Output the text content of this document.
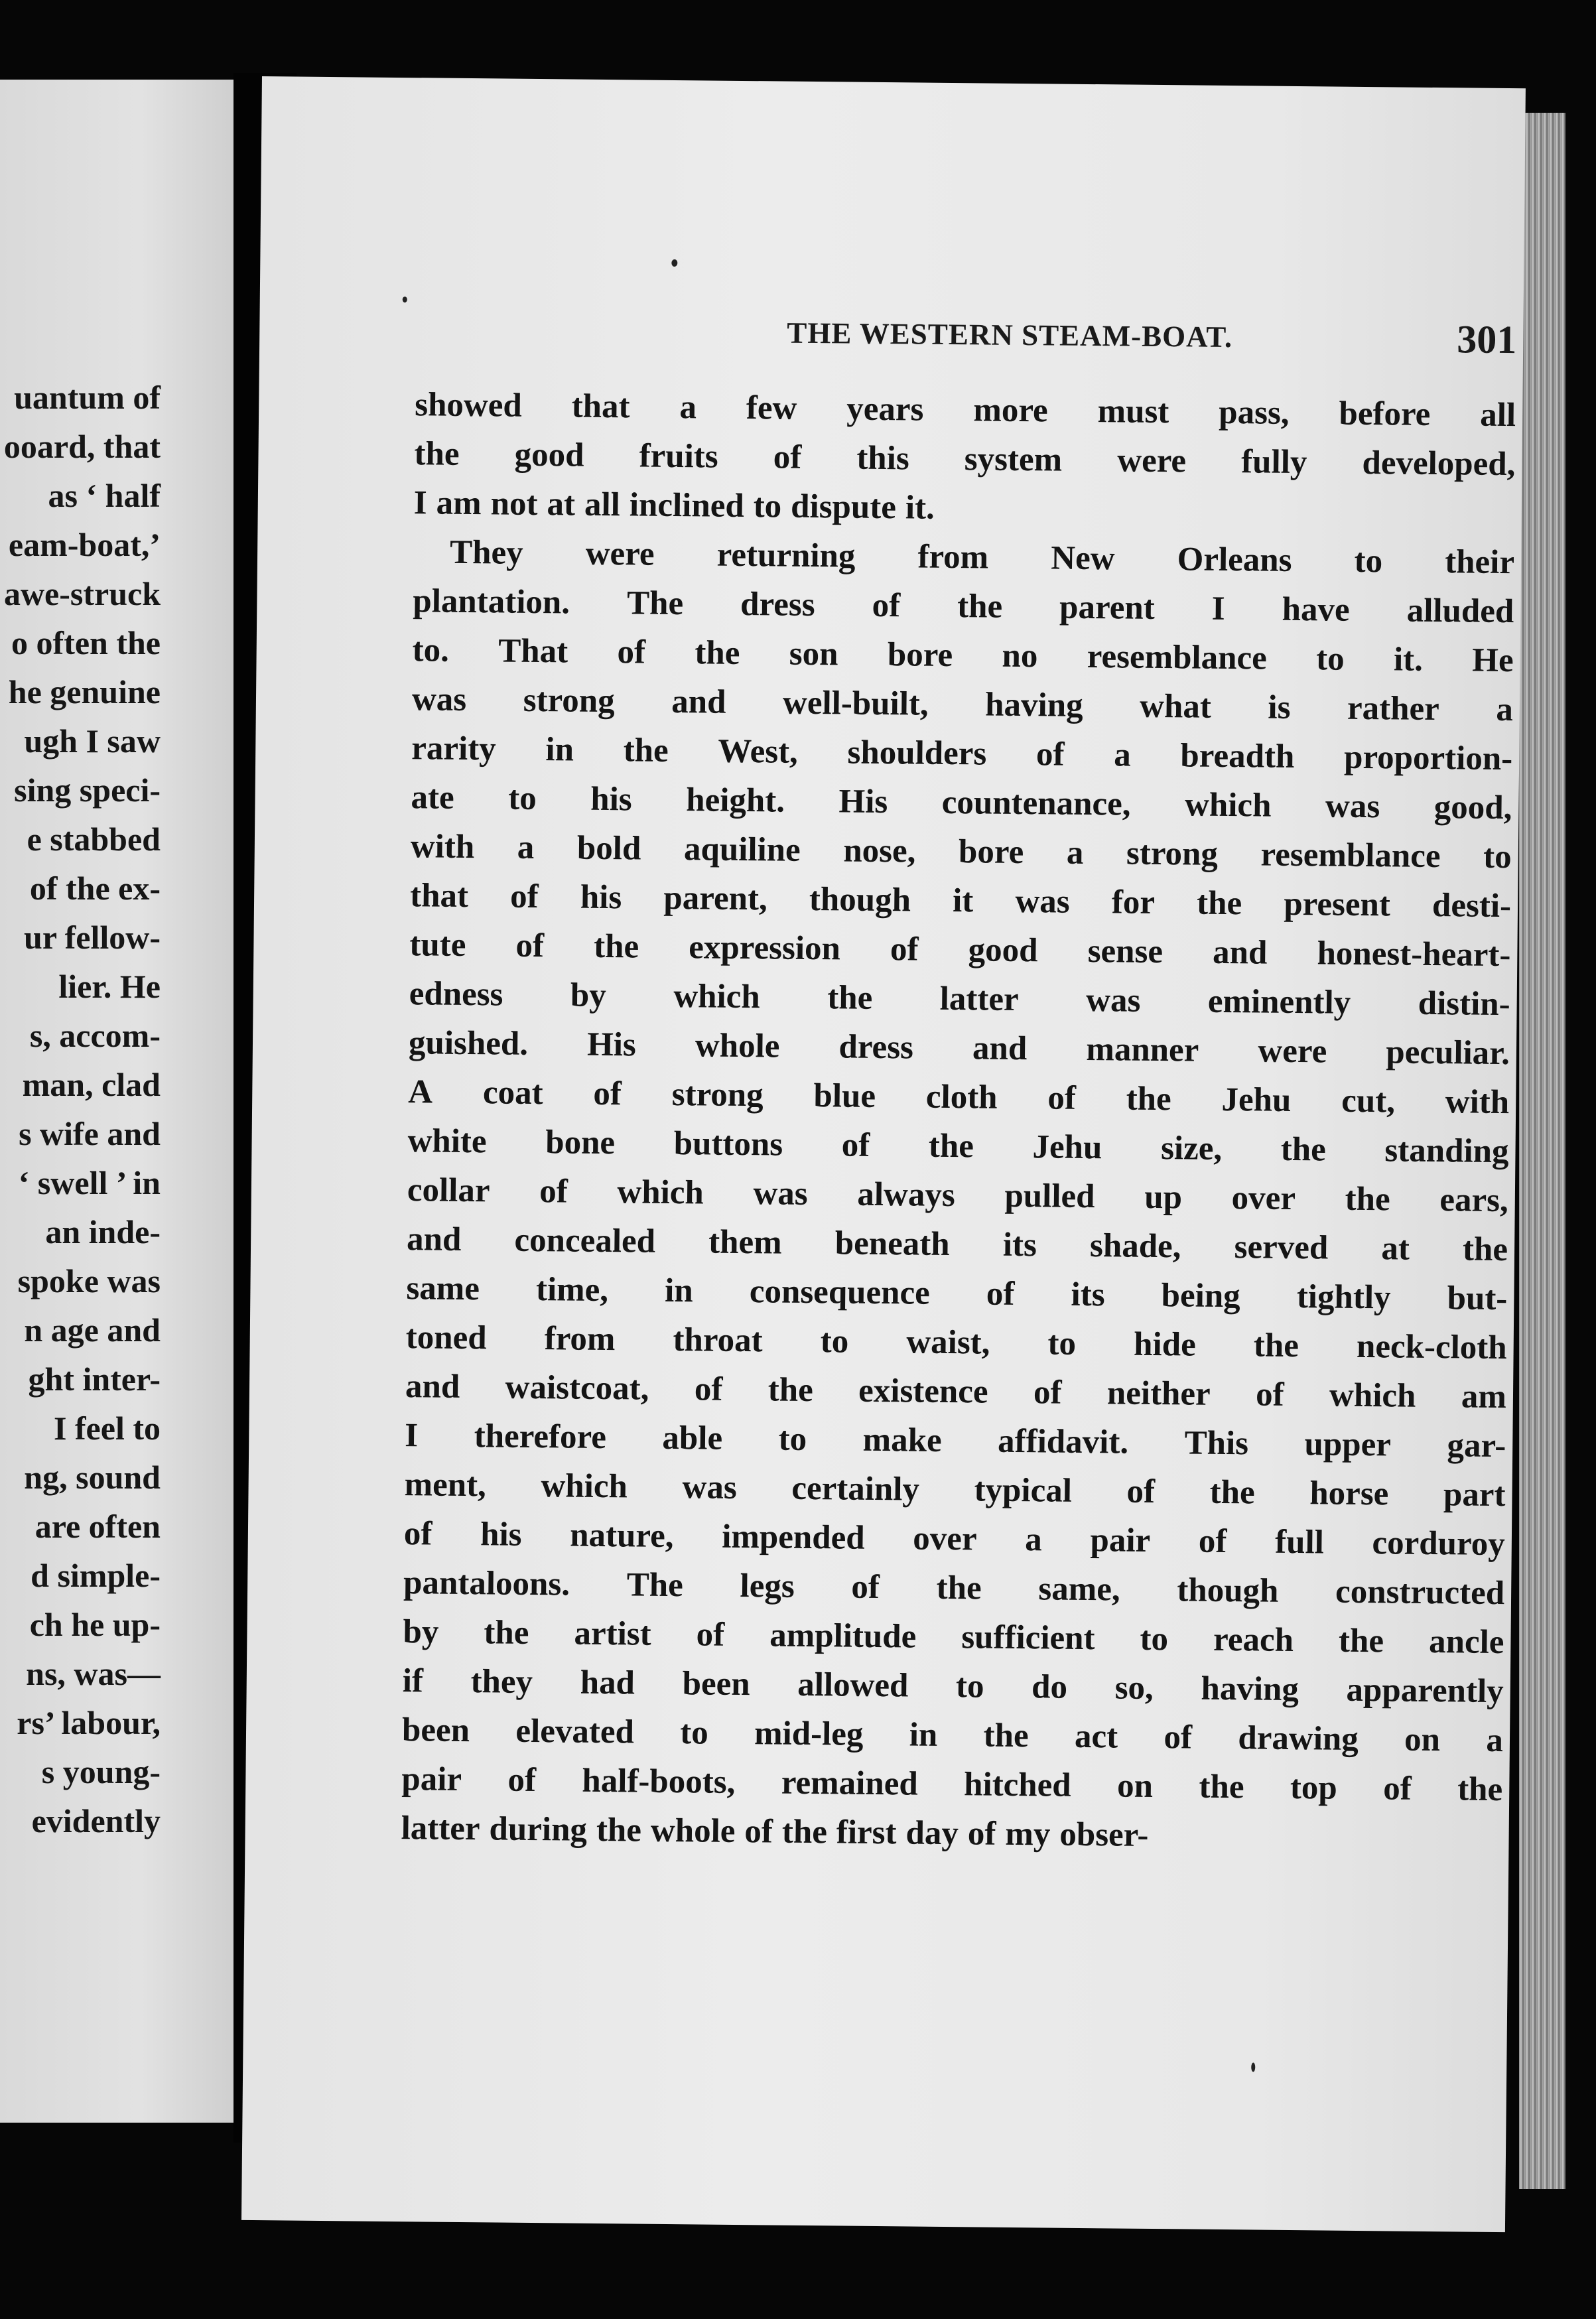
uantum of
ooard, that
as ‘ half
eam-boat,’
awe-struck
o often the
he genuine
ugh I saw
sing speci-
e stabbed
of the ex-
ur fellow-
lier. He
s, accom-
man, clad
s wife and
‘ swell ’ in
an inde-
spoke was
n age and
ght inter-
I feel to
ng, sound
are often
d simple-
ch he up-
ns, was—
rs’ labour,
s young-
evidently
THE WESTERN STEAM-BOAT.	301
showed that a few years more must pass, before all
the good fruits of this system were fully developed,
I am not at all inclined to dispute it.
They were returning from New Orleans to their
plantation. The dress of the parent I have alluded
to. That of the son bore no resemblance to it. He
was strong and well-built, having what is rather a
rarity in the West, shoulders of a breadth proportion-
ate to his height. His countenance, which was good,
with a bold aquiline nose, bore a strong resemblance to
that of his parent, though it was for the present desti-
tute of the expression of good sense and honest-heart-
edness by which the latter was eminently distin-
guished. His whole dress and manner were peculiar.
A coat of strong blue cloth of the Jehu cut, with
white bone buttons of the Jehu size, the standing
collar of which was always pulled up over the ears,
and concealed them beneath its shade, served at the
same time, in consequence of its being tightly but-
toned from throat to waist, to hide the neck-cloth
and waistcoat, of the existence of neither of which am
I therefore able to make affidavit. This upper gar-
ment, which was certainly typical of the horse part
of his nature, impended over a pair of full corduroy
pantaloons. The legs of the same, though constructed
by the artist of amplitude sufficient to reach the ancle
if they had been allowed to do so, having apparently
been elevated to mid-leg in the act of drawing on a
pair of half-boots, remained hitched on the top of the
latter during the whole of the first day of my obser-
